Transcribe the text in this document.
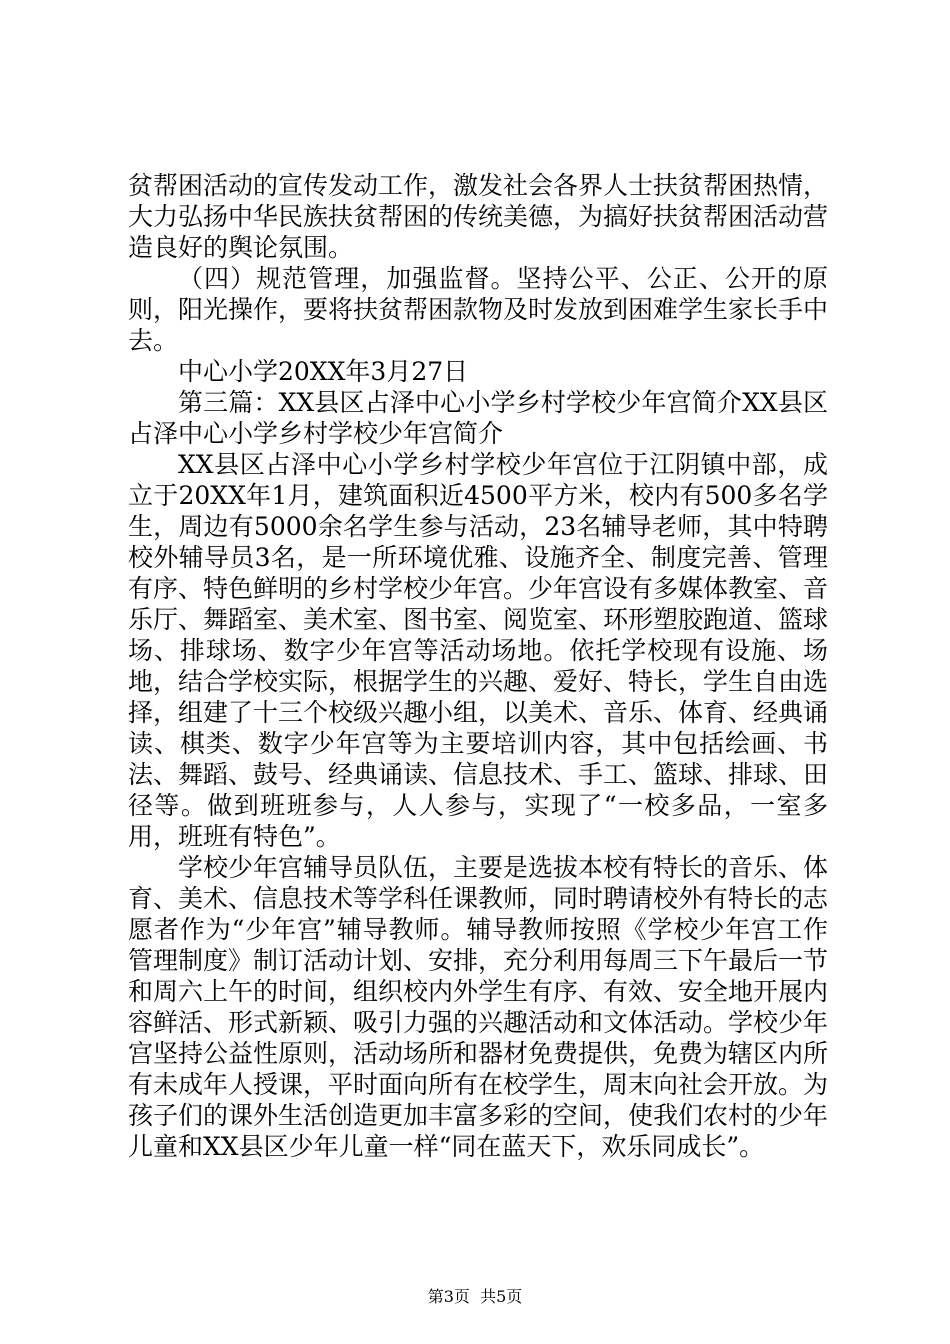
贫帮困活动的宣传发动工作，激发社会各界人士扶贫帮困热情，大力弘扬中华民族扶贫帮困的传统美德，为搞好扶贫帮困活动营造良好的舆论氛围。

（四）规范管理，加强监督。坚持公平、公正、公开的原则，阳光操作，要将扶贫帮困款物及时发放到困难学生家长手中去。

中心小学20XX年3月27日

第三篇：XX县区占泽中心小学乡村学校少年宫简介XX县区占泽中心小学乡村学校少年宫简介

XX县区占泽中心小学乡村学校少年宫位于江阴镇中部，成立于20XX年1月，建筑面积近4500平方米，校内有500多名学生，周边有5000余名学生参与活动，23名辅导老师，其中特聘校外辅导员3名，是一所环境优雅、设施齐全、制度完善、管理有序、特色鲜明的乡村学校少年宫。少年宫设有多媒体教室、音乐厅、舞蹈室、美术室、图书室、阅览室、环形塑胶跑道、篮球场、排球场、数字少年宫等活动场地。依托学校现有设施、场地，结合学校实际，根据学生的兴趣、爱好、特长，学生自由选择，组建了十三个校级兴趣小组，以美术、音乐、体育、经典诵读、棋类、数字少年宫等为主要培训内容，其中包括绘画、书法、舞蹈、鼓号、经典诵读、信息技术、手工、篮球、排球、田径等。做到班班参与，人人参与，实现了“一校多品，一室多用，班班有特色”。

学校少年宫辅导员队伍，主要是选拔本校有特长的音乐、体育、美术、信息技术等学科任课教师，同时聘请校外有特长的志愿者作为“少年宫”辅导教师。辅导教师按照《学校少年宫工作管理制度》制订活动计划、安排，充分利用每周三下午最后一节和周六上午的时间，组织校内外学生有序、有效、安全地开展内容鲜活、形式新颖、吸引力强的兴趣活动和文体活动。学校少年宫坚持公益性原则，活动场所和器材免费提供，免费为辖区内所有未成年人授课，平时面向所有在校学生，周末向社会开放。为孩子们的课外生活创造更加丰富多彩的空间，使我们农村的少年儿童和XX县区少年儿童一样“同在蓝天下，欢乐同成长”。

第3页  共5页
